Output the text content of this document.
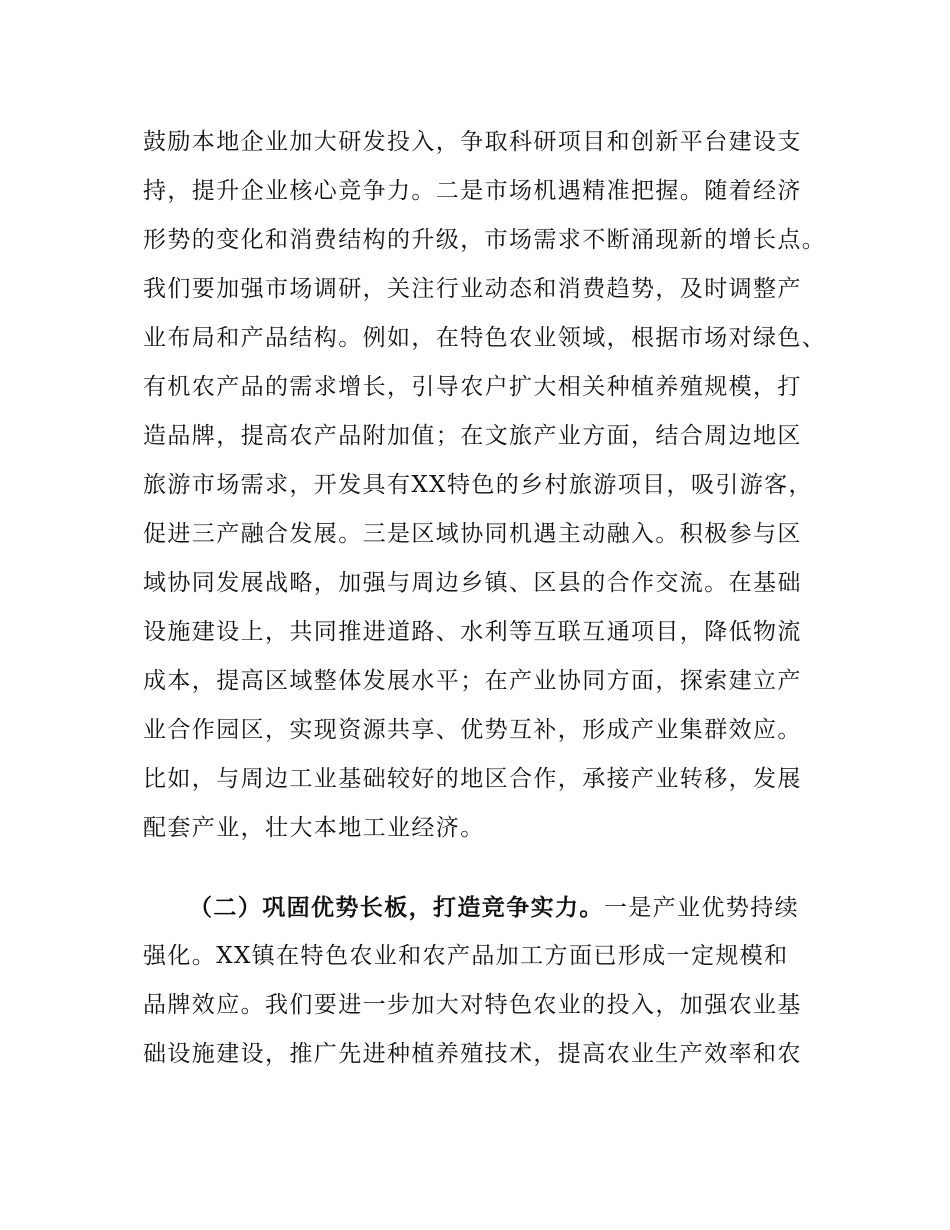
鼓励本地企业加大研发投入，争取科研项目和创新平台建设支
持，提升企业核心竞争力。二是市场机遇精准把握。随着经济
形势的变化和消费结构的升级，市场需求不断涌现新的增长点。
我们要加强市场调研，关注行业动态和消费趋势，及时调整产
业布局和产品结构。例如，在特色农业领域，根据市场对绿色、
有机农产品的需求增长，引导农户扩大相关种植养殖规模，打
造品牌，提高农产品附加值；在文旅产业方面，结合周边地区
旅游市场需求，开发具有XX特色的乡村旅游项目，吸引游客，
促进三产融合发展。三是区域协同机遇主动融入。积极参与区
域协同发展战略，加强与周边乡镇、区县的合作交流。在基础
设施建设上，共同推进道路、水利等互联互通项目，降低物流
成本，提高区域整体发展水平；在产业协同方面，探索建立产
业合作园区，实现资源共享、优势互补，形成产业集群效应。
比如，与周边工业基础较好的地区合作，承接产业转移，发展
配套产业，壮大本地工业经济。
（二）巩固优势长板，打造竞争实力。一是产业优势持续
强化。XX镇在特色农业和农产品加工方面已形成一定规模和
品牌效应。我们要进一步加大对特色农业的投入，加强农业基
础设施建设，推广先进种植养殖技术，提高农业生产效率和农
